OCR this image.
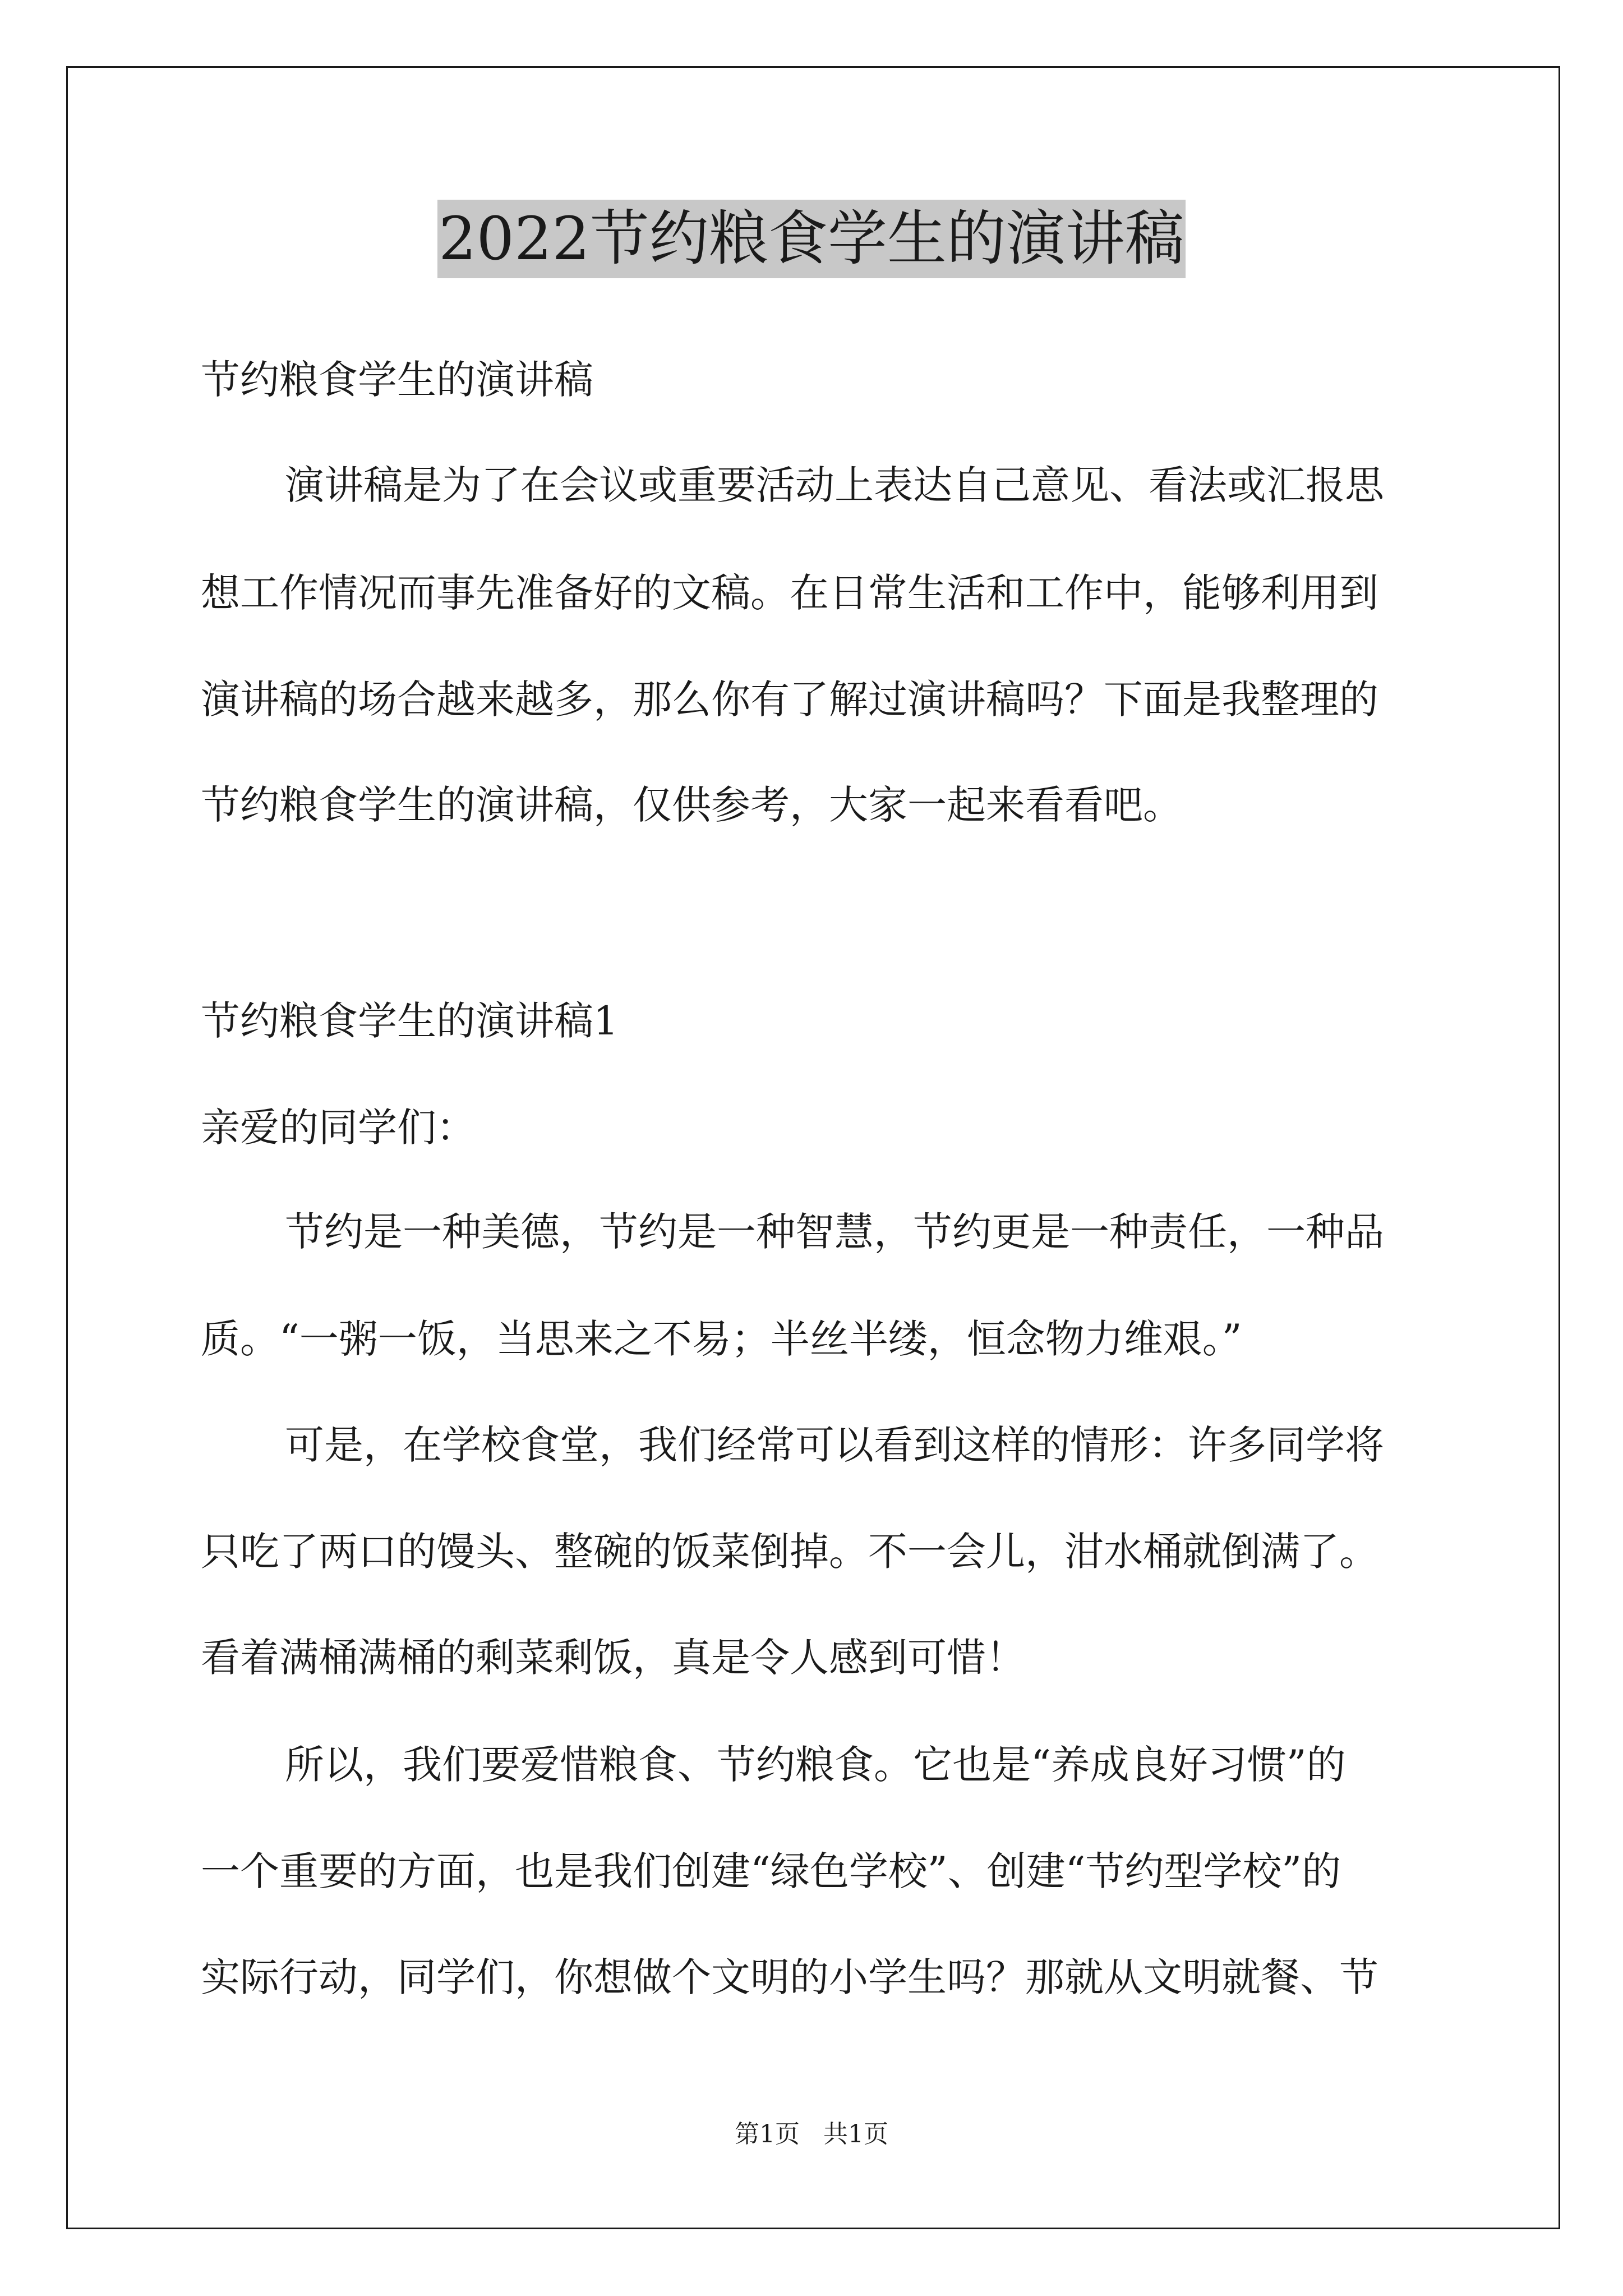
2022节约粮食学生的演讲稿

节约粮食学生的演讲稿

演讲稿是为了在会议或重要活动上表达自己意见、看法或汇报思

想工作情况而事先准备好的文稿。在日常生活和工作中，能够利用到

演讲稿的场合越来越多，那么你有了解过演讲稿吗？下面是我整理的

节约粮食学生的演讲稿，仅供参考，大家一起来看看吧。

节约粮食学生的演讲稿1

亲爱的同学们：

节约是一种美德，节约是一种智慧，节约更是一种责任，一种品

质。“一粥一饭，当思来之不易；半丝半缕，恒念物力维艰。”

可是，在学校食堂，我们经常可以看到这样的情形：许多同学将

只吃了两口的馒头、整碗的饭菜倒掉。不一会儿，泔水桶就倒满了。

看着满桶满桶的剩菜剩饭，真是令人感到可惜！

所以，我们要爱惜粮食、节约粮食。它也是“养成良好习惯”的

一个重要的方面，也是我们创建“绿色学校”、创建“节约型学校”的

实际行动，同学们，你想做个文明的小学生吗？那就从文明就餐、节

第1页   共1页
